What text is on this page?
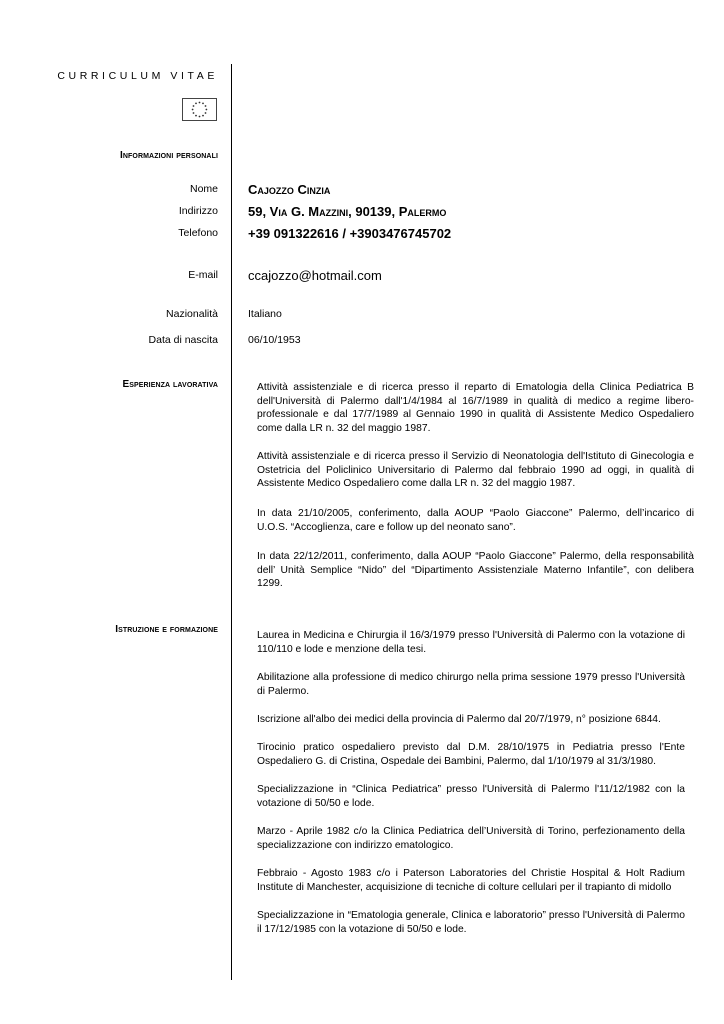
CURRICULUM VITAE
Informazioni personali
Nome Cajozzo Cinzia
Indirizzo 59, Via G. Mazzini, 90139, Palermo
Telefono +39 091322616 / +3903476745702
E-mail ccajozzo@hotmail.com
Nazionalità	Italiano
Data di nascita	06/10/1953
Esperienza lavorativa	Attività assistenziale e di ricerca presso il reparto di Ematologia della Clinica Pediatrica B dell'Università di Palermo dall'1/4/1984 al 16/7/1989 in qualità di medico a regime libero-professionale e dal 17/7/1989 al Gennaio 1990 in qualità di Assistente Medico Ospedaliero come dalla LR n. 32 del maggio 1987.

Attività assistenziale e di ricerca presso il Servizio di Neonatologia dell'Istituto di Ginecologia e Ostetricia del Policlinico Universitario di Palermo dal febbraio 1990 ad oggi, in qualità di Assistente Medico Ospedaliero come dalla LR n. 32 del maggio 1987.

In data 21/10/2005, conferimento, dalla AOUP “Paolo Giaccone” Palermo, dell’incarico di U.O.S. “Accoglienza, care e follow up del neonato sano”.

In data 22/12/2011, conferimento, dalla AOUP “Paolo Giaccone” Palermo, della responsabilità dell’ Unità Semplice “Nido” del “Dipartimento Assistenziale Materno Infantile”, con delibera 1299.

Istruzione e formazione

Laurea in Medicina e Chirurgia il 16/3/1979 presso l'Università di Palermo con la votazione di 110/110 e lode e menzione della tesi.

Abilitazione alla professione di medico chirurgo nella prima sessione 1979 presso l'Università di Palermo.

Iscrizione all'albo dei medici della provincia di Palermo dal 20/7/1979, n° posizione 6844.

Tirocinio pratico ospedaliero previsto dal D.M. 28/10/1975 in Pediatria presso l'Ente Ospedaliero G. di Cristina, Ospedale dei Bambini, Palermo, dal 1/10/1979 al 31/3/1980.

Specializzazione in “Clinica Pediatrica” presso l'Università di Palermo l'11/12/1982 con la votazione di 50/50 e lode.

Marzo - Aprile 1982 c/o la Clinica Pediatrica dell’Università di Torino, perfezionamento della specializzazione con indirizzo ematologico.

Febbraio - Agosto 1983 c/o i Paterson Laboratories del Christie Hospital & Holt Radium Institute di Manchester, acquisizione di tecniche di colture cellulari per il trapianto di midollo

Specializzazione in “Ematologia generale, Clinica e laboratorio” presso l'Università di Palermo il 17/12/1985 con la votazione di 50/50 e lode.
